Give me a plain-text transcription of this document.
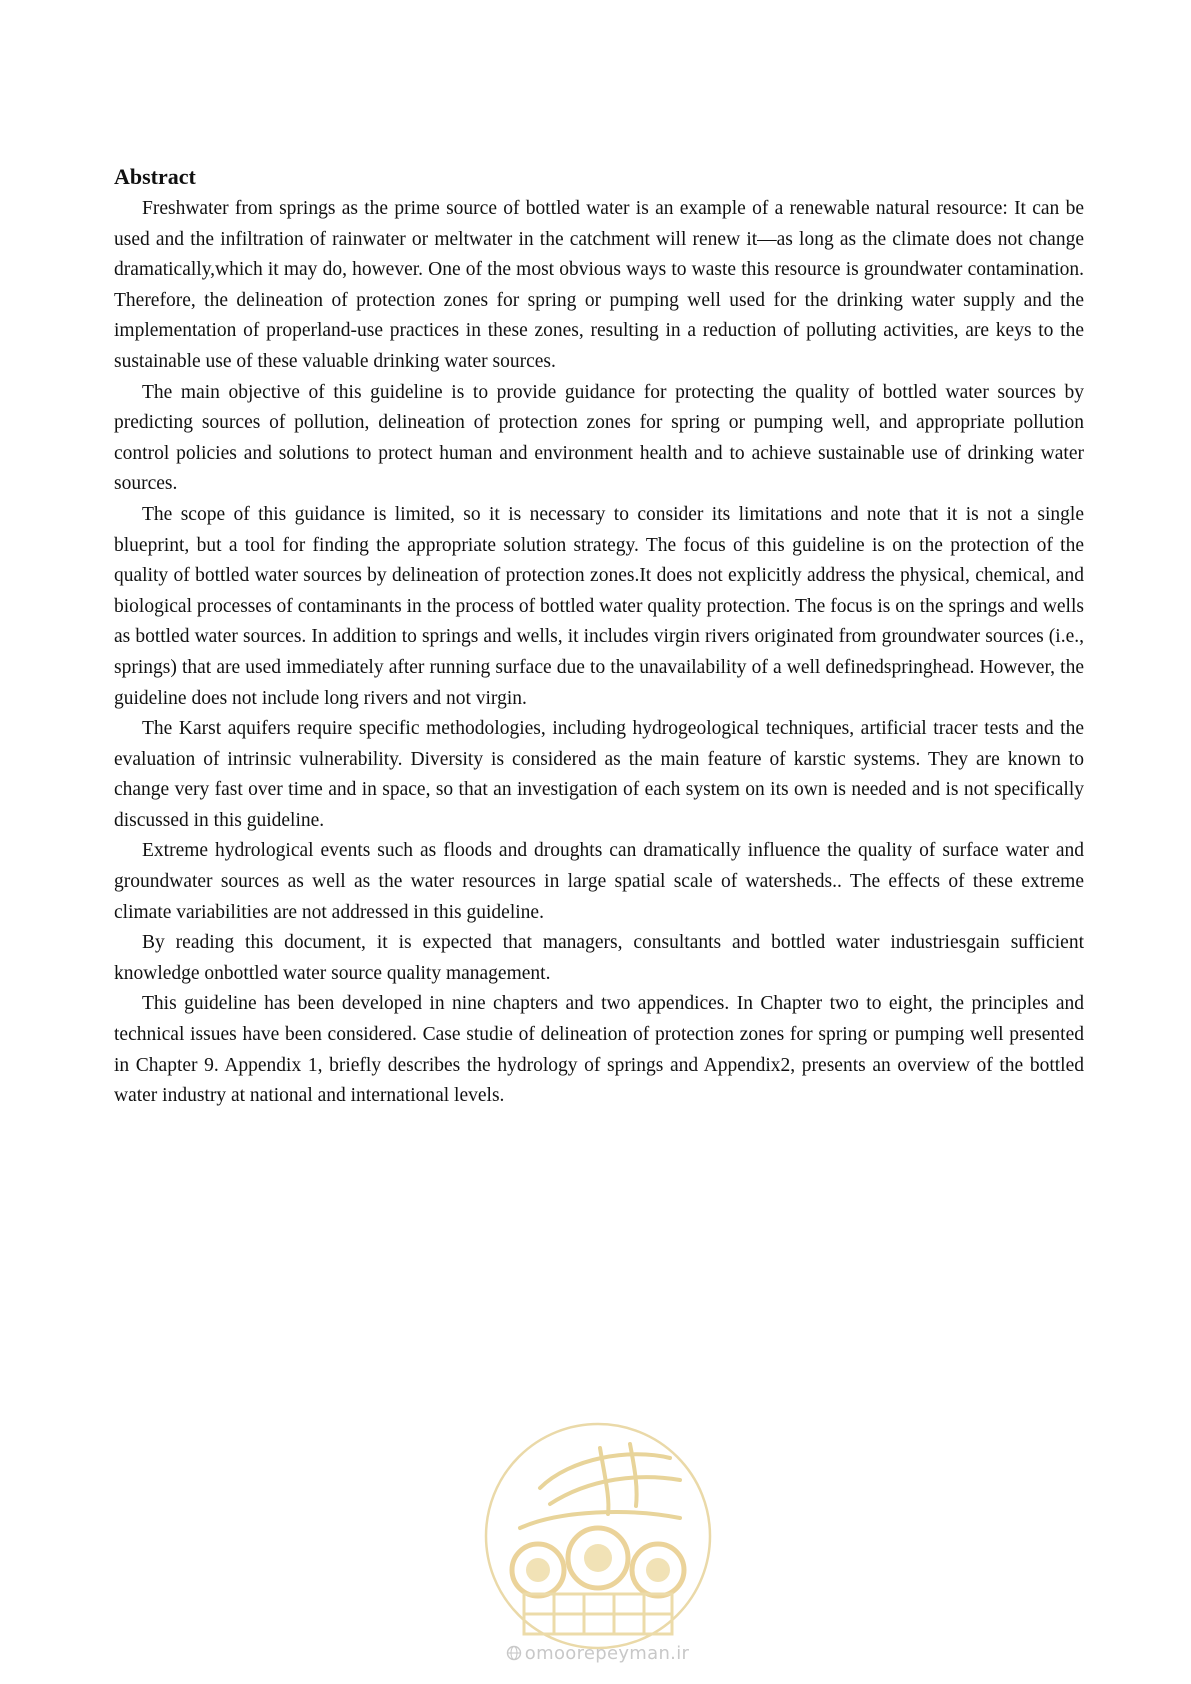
Abstract

Freshwater from springs as the prime source of bottled water is an example of a renewable natural resource: It can be used and the infiltration of rainwater or meltwater in the catchment will renew it—as long as the climate does not change dramatically,which it may do, however. One of the most obvious ways to waste this resource is groundwater contamination. Therefore, the delineation of protection zones for spring or pumping well used for the drinking water supply and the implementation of properland-use practices in these zones, resulting in a reduction of polluting activities, are keys to the sustainable use of these valuable drinking water sources.

The main objective of this guideline is to provide guidance for protecting the quality of bottled water sources by predicting sources of pollution, delineation of protection zones for spring or pumping well, and appropriate pollution control policies and solutions to protect human and environment health and to achieve sustainable use of drinking water sources.

The scope of this guidance is limited, so it is necessary to consider its limitations and note that it is not a single blueprint, but a tool for finding the appropriate solution strategy. The focus of this guideline is on the protection of the quality of bottled water sources by delineation of protection zones.It does not explicitly address the physical, chemical, and biological processes of contaminants in the process of bottled water quality protection. The focus is on the springs and wells as bottled water sources. In addition to springs and wells, it includes virgin rivers originated from groundwater sources (i.e., springs) that are used immediately after running surface due to the unavailability of a well definedspringhead. However, the guideline does not include long rivers and not virgin.

The Karst aquifers require specific methodologies, including hydrogeological techniques, artificial tracer tests and the evaluation of intrinsic vulnerability. Diversity is considered as the main feature of karstic systems. They are known to change very fast over time and in space, so that an investigation of each system on its own is needed and is not specifically discussed in this guideline.

Extreme hydrological events such as floods and droughts can dramatically influence the quality of surface water and groundwater sources as well as the water resources in large spatial scale of watersheds.. The effects of these extreme climate variabilities are not addressed in this guideline.

By reading this document, it is expected that managers, consultants and bottled water industriesgain sufficient knowledge onbottled water source quality management.

This guideline has been developed in nine chapters and two appendices. In Chapter two to eight, the principles and technical issues have been considered. Case studie of delineation of protection zones for spring or pumping well presented in Chapter 9. Appendix 1, briefly describes the hydrology of springs and Appendix2, presents an overview of the bottled water industry at national and international levels.

omoorepeyman.ir
